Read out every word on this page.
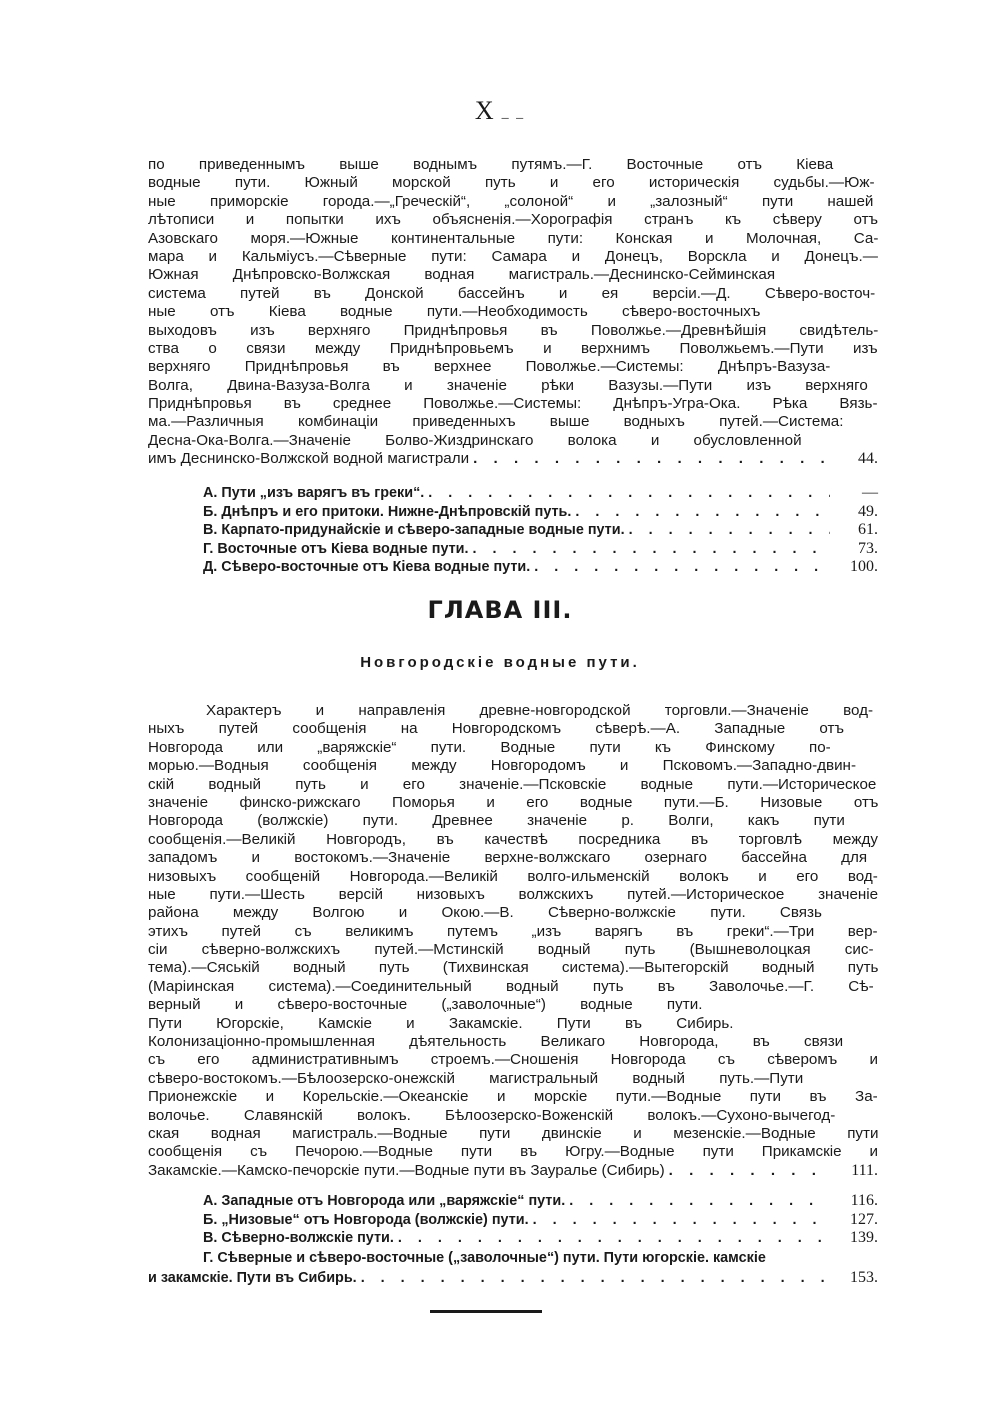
X _ _
по приведеннымъ выше воднымъ путямъ.—Г. Восточные отъ Кіева
водные пути. Южный морской путь и его историческія судьбы.—Юж-
ные приморскіе города.—„Греческій“, „солоной“ и „залозный“ пути нашей
лѣтописи и попытки ихъ объясненія.—Хорографія странъ къ сѣверу отъ
Азовскаго моря.—Южные континентальные пути: Конская и Молочная, Са-
мара и Кальміусъ.—Сѣверные пути: Самара и Донецъ, Ворскла и Донецъ.—
Южная Днѣпровско-Волжская водная магистраль.—Деснинско-Сейминская
система путей въ Донской бассейнъ и ея версіи.—Д. Сѣверо-восточ-
ные отъ Кіева водные пути.—Необходимость сѣверо-восточныхъ
выходовъ изъ верхняго Приднѣпровья въ Поволжье.—Древнѣйшія свидѣтель-
ства о связи между Приднѣпровьемъ и верхнимъ Поволжьемъ.—Пути изъ
верхняго Приднѣпровья въ верхнее Поволжье.—Системы: Днѣпръ-Вазуза-
Волга, Двина-Вазуза-Волга и значеніе рѣки Вазузы.—Пути изъ верхняго
Приднѣпровья въ среднее Поволжье.—Системы: Днѣпръ-Угра-Ока. Рѣка Вязь-
ма.—Различныя комбинаціи приведенныхъ выше водныхъ путей.—Система:
Десна-Ока-Волга.—Значеніе Болво-Жиздринскаго волока и обусловленной
имъ Деснинско-Волжской водной магистрали . . .	44.
А. Пути „изъ варягъ въ греки“. . . .	—
Б. Днѣпръ и его притоки. Нижне-Днѣпровскій путь. . . .	49.
В. Карпато-придунайскіе и сѣверо-западные водные пути. . . .	61.
Г. Восточные отъ Кіева водные пути. . . .	73.
Д. Сѣверо-восточные отъ Кіева водные пути. . . .	100.
ГЛАВА III.
Новгородскіе водные пути.
Характеръ и направленія древне-новгородской торговли.—Значеніе вод-
ныхъ путей сообщенія на Новгородскомъ сѣверѣ.—А. Западные отъ
Новгорода или „варяжскіе“ пути. Водные пути къ Финскому по-
морью.—Водныя сообщенія между Новгородомъ и Псковомъ.—Западно-двин-
скій водный путь и его значеніе.—Псковскіе водные пути.—Историческое
значеніе финско-рижскаго Поморья и его водные пути.—Б. Низовые отъ
Новгорода (волжскіе) пути. Древнее значеніе р. Волги, какъ пути
сообщенія.—Великій Новгородъ, въ качествѣ посредника въ торговлѣ между
западомъ и востокомъ.—Значеніе верхне-волжскаго озернаго бассейна для
низовыхъ сообщеній Новгорода.—Великій волго-ильменскій волокъ и его вод-
ные пути.—Шесть версій низовыхъ волжскихъ путей.—Историческое значеніе
района между Волгою и Окою.—В. Сѣверно-волжскіе пути. Связь
этихъ путей съ великимъ путемъ „изъ варягъ въ греки“.—Три вер-
сіи сѣверно-волжскихъ путей.—Мстинскій водный путь (Вышневолоцкая сис-
тема).—Сяській водный путь (Тихвинская система).—Вытегорскій водный путь
(Маріинская система).—Соединительный водный путь въ Заволочье.—Г. Сѣ-
верный и сѣверо-восточные („заволочные“) водные пути.
Пути Югорскіе, Камскіе и Закамскіе. Пути въ Сибирь.
Колонизаціонно-промышленная дѣятельность Великаго Новгорода, въ связи
съ его административнымъ строемъ.—Сношенія Новгорода съ сѣверомъ и
сѣверо-востокомъ.—Бѣлоозерско-онежскій магистральный водный путь.—Пути
Прионежскіе и Корельскіе.—Океанскіе и морскіе пути.—Водные пути въ За-
волочье. Славянскій волокъ. Бѣлоозерско-Воженскій волокъ.—Сухоно-вычегод-
ская водная магистраль.—Водные пути двинскіе и мезенскіе.—Водные пути
сообщенія съ Печорою.—Водные пути въ Югру.—Водные пути Прикамскіе и
Закамскіе.—Камско-печорскіе пути.—Водные пути въ Зауралье (Сибирь) . . .	111.
А. Западные отъ Новгорода или „варяжскіе“ пути. . . .	116.
Б. „Низовые“ отъ Новгорода (волжскіе) пути. . . .	127.
В. Сѣверно-волжскіе пути. . . .	139.
Г. Сѣверные и сѣверо-восточные („заволочные“) пути. Пути югорскіе. камскіе
и закамскіе. Пути въ Сибирь. . . .	153.
